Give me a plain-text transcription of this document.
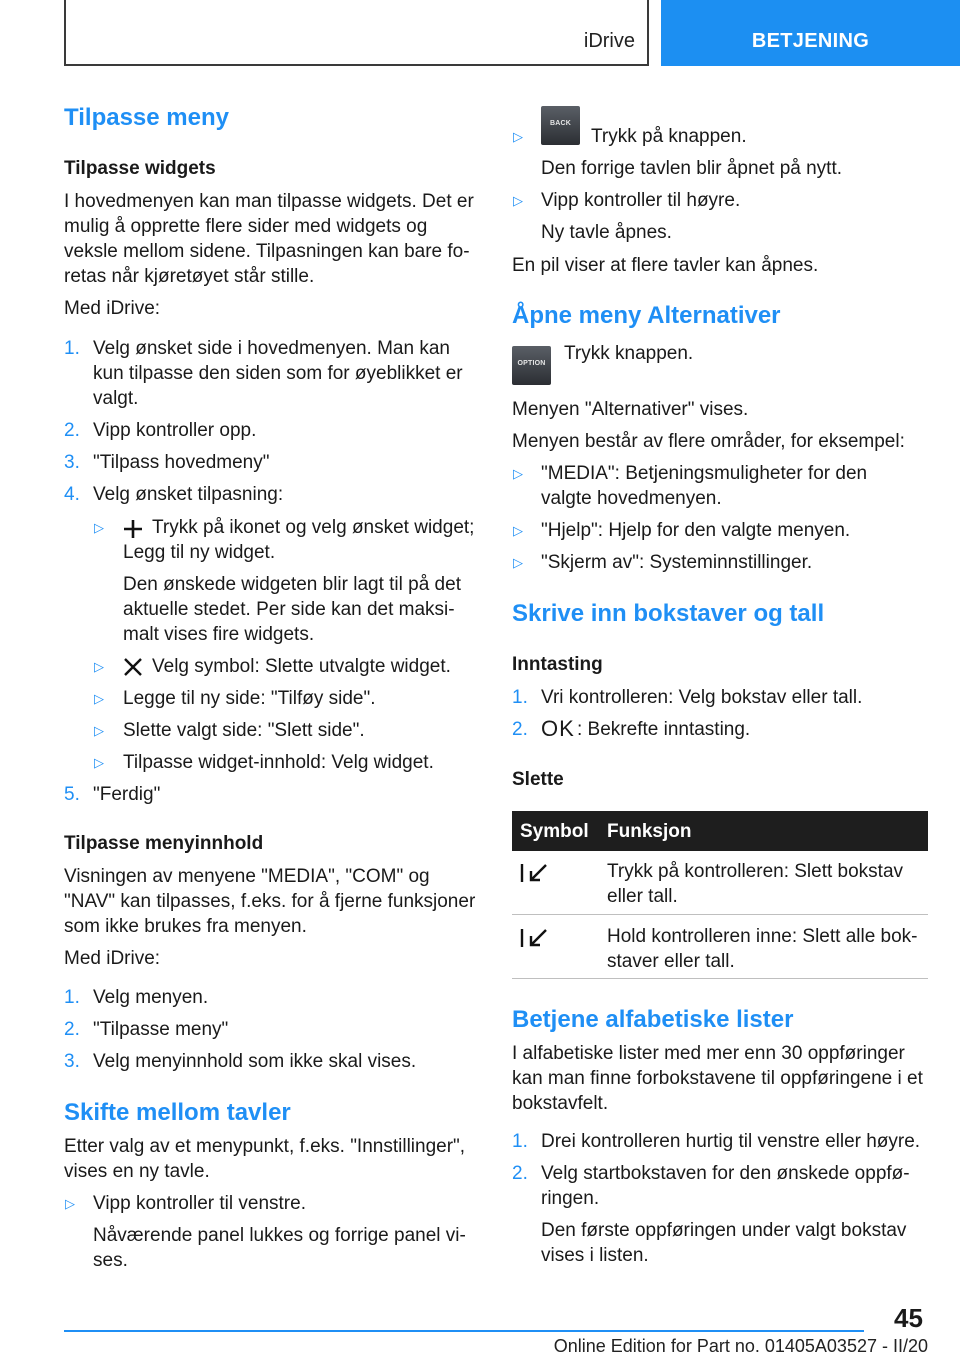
iDrive	BETJENING
Tilpasse meny
Tilpasse widgets
I hovedmenyen kan man tilpasse widgets. Det er
mulig å opprette flere sider med widgets og
veksle mellom sidene. Tilpasningen kan bare fo-
retas når kjøretøyet står stille.
Med iDrive:
1. Velg ønsket side i hovedmenyen. Man kan
kun tilpasse den siden som for øyeblikket er
valgt.
2. Vipp kontroller opp.
3. "Tilpass hovedmeny"
4. Velg ønsket tilpasning:
▷	Trykk på ikonet og velg ønsket widget;
Legg til ny widget.
Den ønskede widgeten blir lagt til på det
aktuelle stedet. Per side kan det maksi-
malt vises fire widgets.
▷	Velg symbol: Slette utvalgte widget.
▷ Legge til ny side: "Tilføy side".
▷ Slette valgt side: "Slett side".
▷ Tilpasse widget-innhold: Velg widget.
5. "Ferdig"
Tilpasse menyinnhold
Visningen av menyene "MEDIA", "COM" og
"NAV" kan tilpasses, f.eks. for å fjerne funksjoner
som ikke brukes fra menyen.
Med iDrive:
1. Velg menyen.
2. "Tilpasse meny"
3. Velg menyinnhold som ikke skal vises.
Skifte mellom tavler
Etter valg av et menypunkt, f.eks. "Innstillinger",
vises en ny tavle.
▷ Vipp kontroller til venstre.
Nåværende panel lukkes og forrige panel vi-
ses.
▷
BACK
Trykk på knappen.
Den forrige tavlen blir åpnet på nytt.
▷ Vipp kontroller til høyre.
Ny tavle åpnes.
En pil viser at flere tavler kan åpnes.
Åpne meny Alternativer
OPTION Trykk knappen.
Menyen "Alternativer" vises.
Menyen består av flere områder, for eksempel:
▷ "MEDIA": Betjeningsmuligheter for den
valgte hovedmenyen.
▷ "Hjelp": Hjelp for den valgte menyen.
▷ "Skjerm av": Systeminnstillinger.
Skrive inn bokstaver og tall
Inntasting
1. Vri kontrolleren: Velg bokstav eller tall.
2. OK : Bekrefte inntasting.
Slette
Symbol Funksjon
Trykk på kontrolleren: Slett bokstav
eller tall.
Hold kontrolleren inne: Slett alle bok-
staver eller tall.
Betjene alfabetiske lister
I alfabetiske lister med mer enn 30 oppføringer
kan man finne forbokstavene til oppføringene i et
bokstavfelt.
1. Drei kontrolleren hurtig til venstre eller høyre.
2. Velg startbokstaven for den ønskede oppfø-
ringen.
Den første oppføringen under valgt bokstav
vises i listen.
45
Online Edition for Part no. 01405A03527 - II/20
